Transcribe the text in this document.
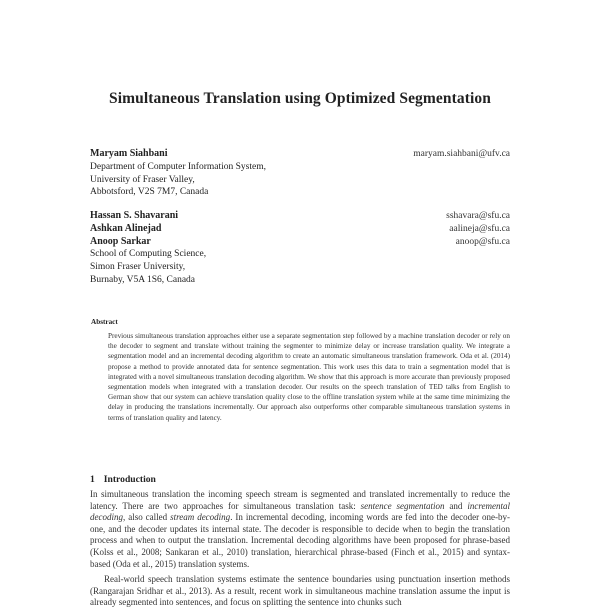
Simultaneous Translation using Optimized Segmentation
Maryam Siahbani
Department of Computer Information System,
University of Fraser Valley,
Abbotsford, V2S 7M7, Canada
maryam.siahbani@ufv.ca
Hassan S. Shavarani
Ashkan Alinejad
Anoop Sarkar
School of Computing Science,
Simon Fraser University,
Burnaby, V5A 1S6, Canada
sshavara@sfu.ca
aalineja@sfu.ca
anoop@sfu.ca
Abstract
Previous simultaneous translation approaches either use a separate segmentation step followed by a machine translation decoder or rely on the decoder to segment and translate without training the segmenter to minimize delay or increase translation quality. We integrate a segmentation model and an incremental decoding algorithm to create an automatic simultaneous translation framework. Oda et al. (2014) propose a method to provide annotated data for sentence segmentation. This work uses this data to train a segmentation model that is integrated with a novel simultaneous translation decoding algorithm. We show that this approach is more accurate than previously proposed segmentation models when integrated with a translation decoder. Our results on the speech translation of TED talks from English to German show that our system can achieve translation quality close to the offline translation system while at the same time minimizing the delay in producing the translations incrementally. Our approach also outperforms other comparable simultaneous translation systems in terms of translation quality and latency.
1 Introduction
In simultaneous translation the incoming speech stream is segmented and translated incrementally to reduce the latency. There are two approaches for simultaneous translation task: sentence segmentation and incremental decoding, also called stream decoding. In incremental decoding, incoming words are fed into the decoder one-by-one, and the decoder updates its internal state. The decoder is responsible to decide when to begin the translation process and when to output the translation. Incremental decoding algorithms have been proposed for phrase-based (Kolss et al., 2008; Sankaran et al., 2010) translation, hierarchical phrase-based (Finch et al., 2015) and syntax-based (Oda et al., 2015) translation systems.
Real-world speech translation systems estimate the sentence boundaries using punctuation insertion methods (Rangarajan Sridhar et al., 2013). As a result, recent work in simultaneous machine translation assume the input is already segmented into sentences, and focus on splitting the sentence into chunks such
